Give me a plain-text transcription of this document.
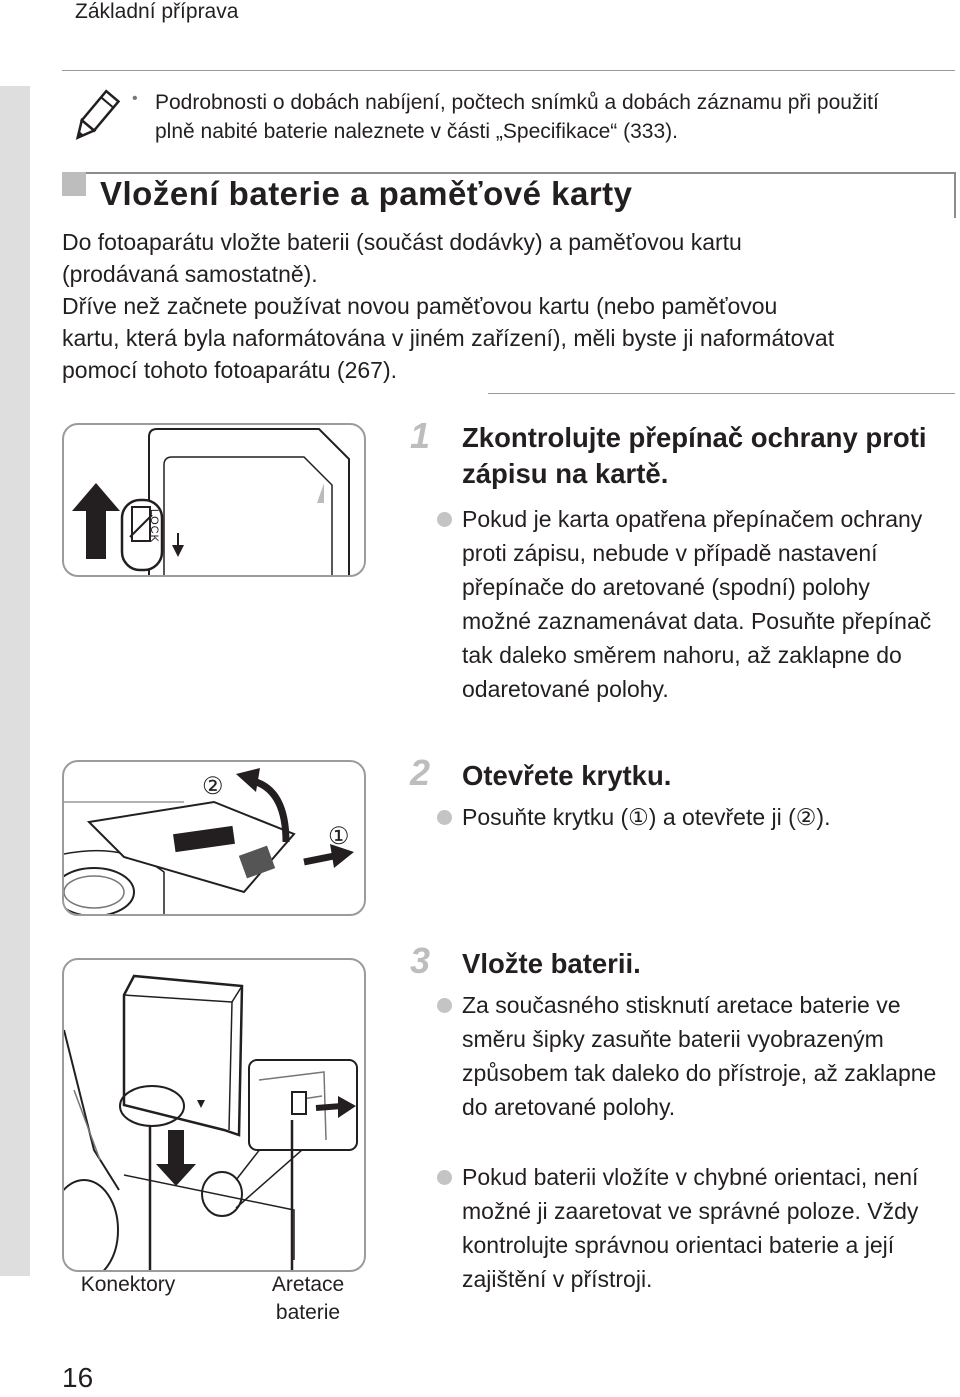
Základní příprava
• Podrobnosti o dobách nabíjení, počtech snímků a dobách záznamu při použití plně nabité baterie naleznete v části „Specifikace“ (333).
Vložení baterie a paměťové karty
Do fotoaparátu vložte baterii (součást dodávky) a paměťovou kartu
(prodávaná samostatně).
Dříve než začnete používat novou paměťovou kartu (nebo paměťovou
kartu, která byla naformátována v jiném zařízení), měli byste ji naformátovat
pomocí tohoto fotoaparátu (267).
LOCK
1 Zkontrolujte přepínač ochrany proti zápisu na kartě.
Pokud je karta opatřena přepínačem ochrany proti zápisu, nebude v případě nastavení přepínače do aretované (spodní) polohy možné zaznamenávat data. Posuňte přepínač tak daleko směrem nahoru, až zaklapne do odaretované polohy.
②
①
2 Otevřete krytku.
Posuňte krytku (①) a otevřete ji (②).
Konektory	Aretace
baterie
3 Vložte baterii.
Za současného stisknutí aretace baterie ve směru šipky zasuňte baterii vyobrazeným způsobem tak daleko do přístroje, až zaklapne do aretované polohy.
Pokud baterii vložíte v chybné orientaci, není možné ji zaaretovat ve správné poloze. Vždy kontrolujte správnou orientaci baterie a její zajištění v přístroji.
16
